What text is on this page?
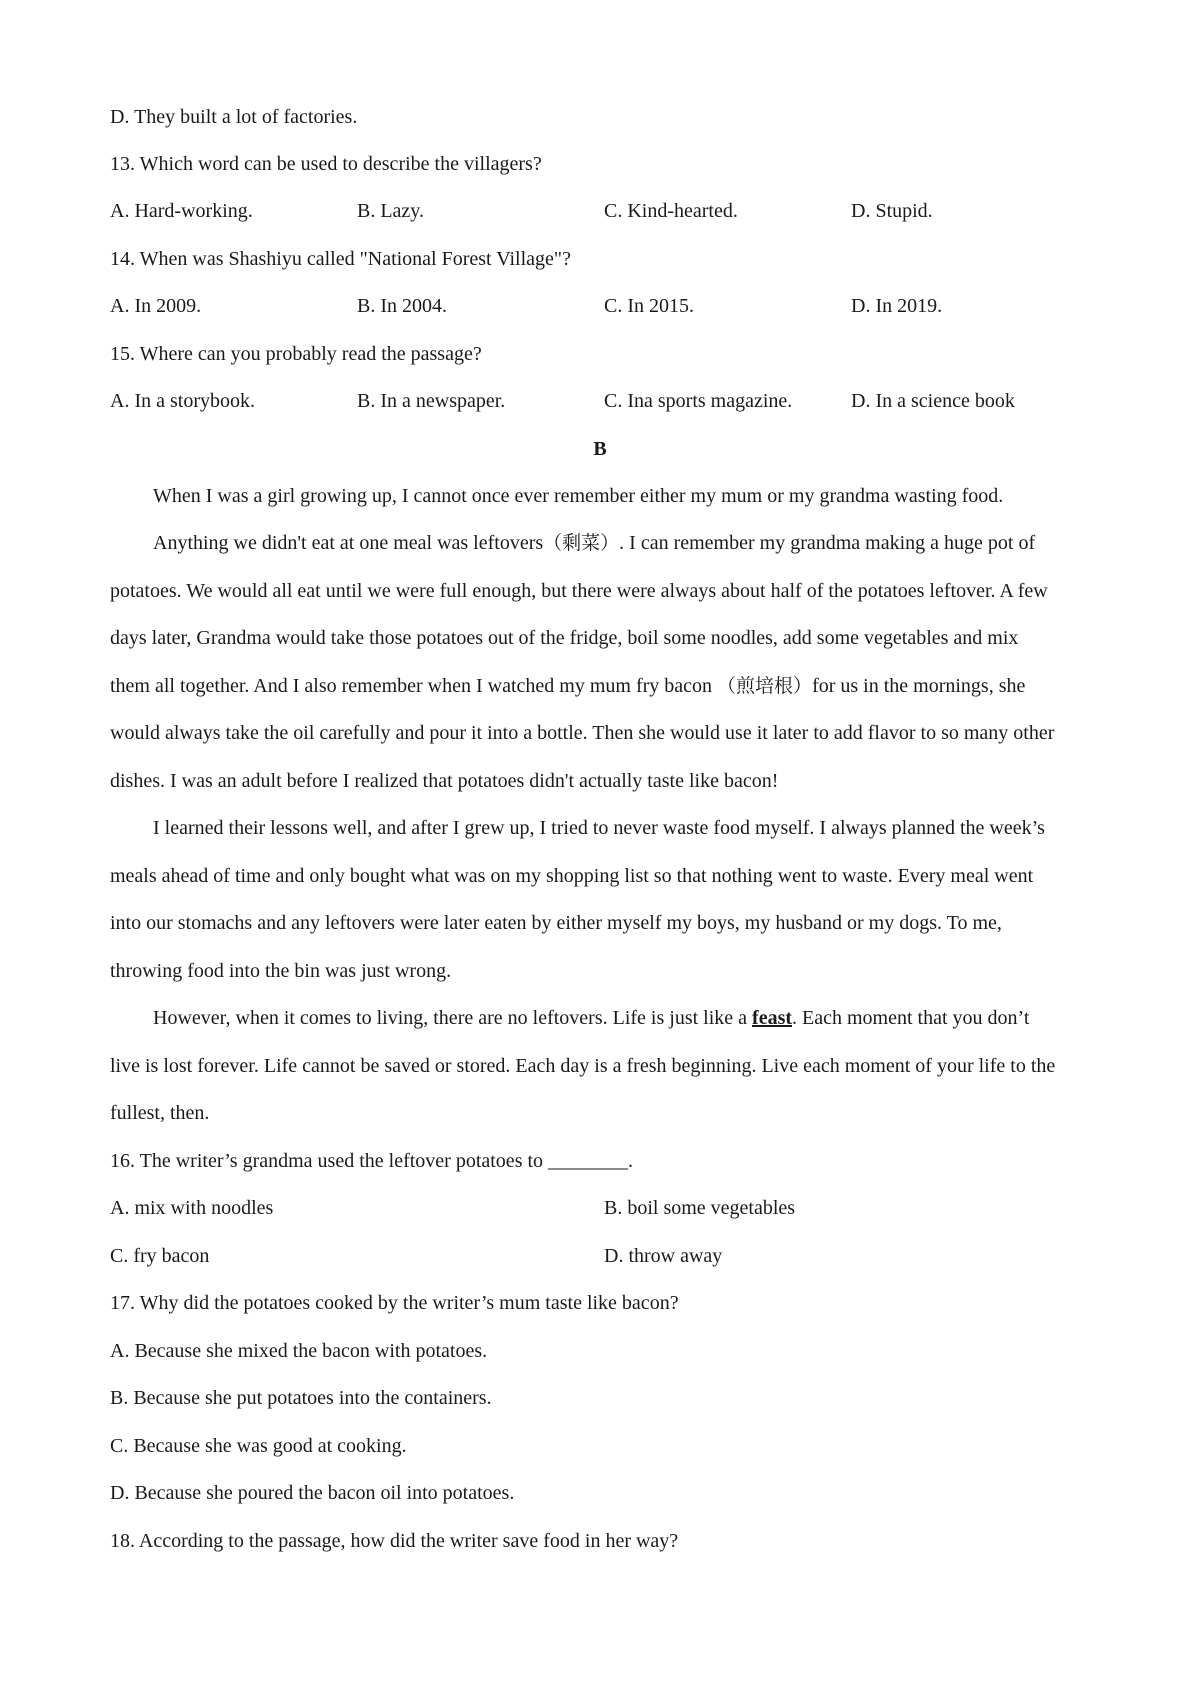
D. They built a lot of factories.
13. Which word can be used to describe the villagers?
A. Hard-working.	B. Lazy.	C. Kind-hearted.	D. Stupid.
14. When was Shashiyu called "National Forest Village"?
A. In 2009.	B. In 2004.	C. In 2015.	D. In 2019.
15. Where can you probably read the passage?
A. In a storybook.	B. In a newspaper.	C. Ina sports magazine.	D. In a science book
B
When I was a girl growing up, I cannot once ever remember either my mum or my grandma wasting food.
Anything we didn't eat at one meal was leftovers（剩菜）. I can remember my grandma making a huge pot of
potatoes. We would all eat until we were full enough, but there were always about half of the potatoes leftover. A few
days later, Grandma would take those potatoes out of the fridge, boil some noodles, add some vegetables and mix
them all together. And I also remember when I watched my mum fry bacon （煎培根）for us in the mornings, she
would always take the oil carefully and pour it into a bottle. Then she would use it later to add flavor to so many other
dishes. I was an adult before I realized that potatoes didn't actually taste like bacon!
I learned their lessons well, and after I grew up, I tried to never waste food myself. I always planned the week’s
meals ahead of time and only bought what was on my shopping list so that nothing went to waste. Every meal went
into our stomachs and any leftovers were later eaten by either myself my boys, my husband or my dogs. To me,
throwing food into the bin was just wrong.
However, when it comes to living, there are no leftovers. Life is just like a feast. Each moment that you don’t
live is lost forever. Life cannot be saved or stored. Each day is a fresh beginning. Live each moment of your life to the
fullest, then.
16. The writer’s grandma used the leftover potatoes to ________.
A. mix with noodles	B. boil some vegetables
C. fry bacon	D. throw away
17. Why did the potatoes cooked by the writer’s mum taste like bacon?
A. Because she mixed the bacon with potatoes.
B. Because she put potatoes into the containers.
C. Because she was good at cooking.
D. Because she poured the bacon oil into potatoes.
18. According to the passage, how did the writer save food in her way?
